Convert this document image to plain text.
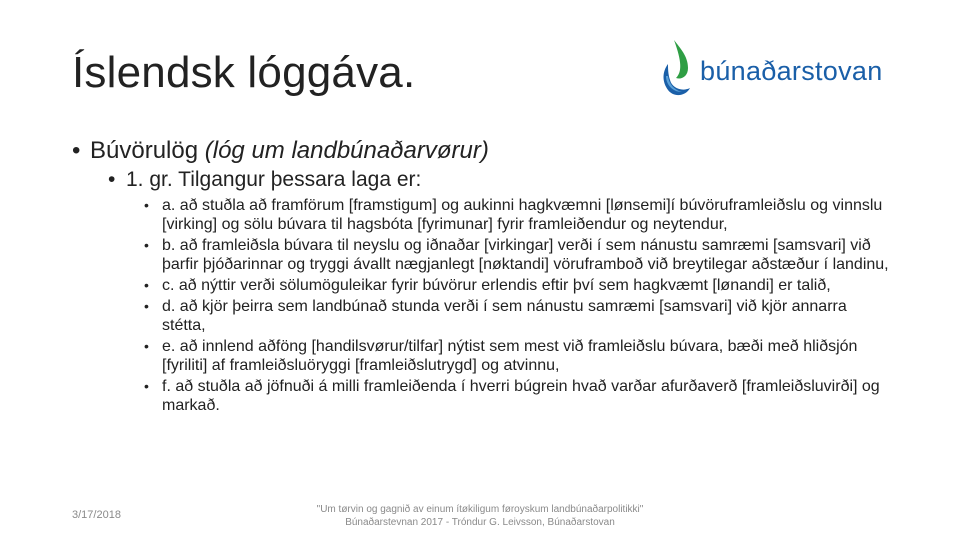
Íslendsk lóggáva.	búnaðarstovan
• Búvörulög (lóg um landbúnaðarvørur)
• 1. gr. Tilgangur þessara laga er:
• a. að stuðla að framförum [framstigum] og aukinni hagkvæmni [lønsemi]í búvöruframleiðslu og vinnslu [virking] og sölu búvara til hagsbóta [fyrimunar] fyrir framleiðendur og neytendur,
• b. að framleiðsla búvara til neyslu og iðnaðar [virkingar] verði í sem nánustu samræmi [samsvari] við þarfir þjóðarinnar og tryggi ávallt nægjanlegt [nøktandi] vöruframboð við breytilegar aðstæður í landinu,
• c. að nýttir verði sölumöguleikar fyrir búvörur erlendis eftir því sem hagkvæmt [lønandi] er talið,
• d. að kjör þeirra sem landbúnað stunda verði í sem nánustu samræmi [samsvari] við kjör annarra stétta,
• e. að innlend aðföng [handilsvørur/tilfar] nýtist sem mest við framleiðslu búvara, bæði með hliðsjón [fyriliti] af framleiðsluöryggi [framleiðslutrygd] og atvinnu,
• f. að stuðla að jöfnuði á milli framleiðenda í hverri búgrein hvað varðar afurðaverð [framleiðsluvirði] og markað.
3/17/2018	"Um tørvin og gagnið av einum ítøkiligum føroyskum landbúnaðarpolitikki"
Búnaðarstevnan 2017 - Tróndur G. Leivsson, Búnaðarstovan
